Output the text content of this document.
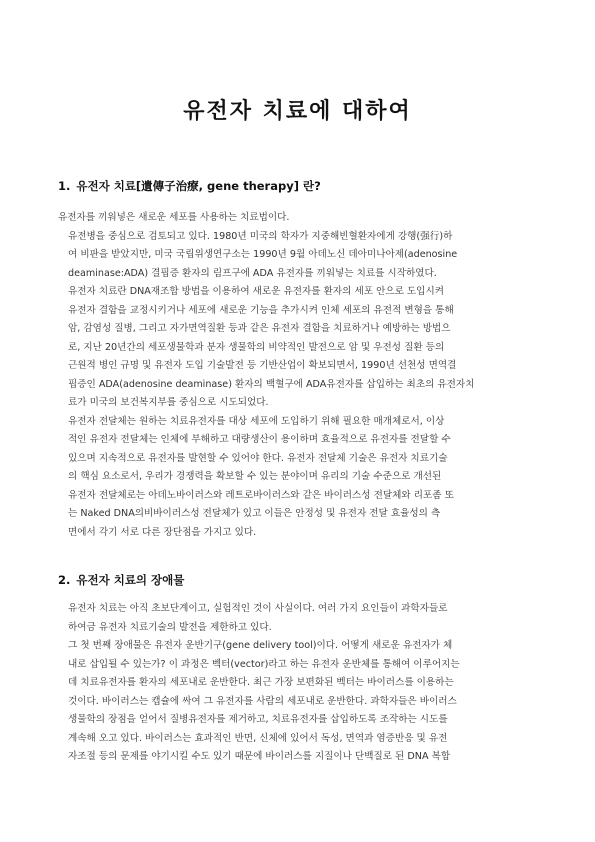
유전자 치료에 대하여
1. 유전자 치료[遺傳子治療, gene therapy] 란?

유전자를 끼워넣은 새로운 세포를 사용하는 치료법이다.

유전병을 중심으로 검토되고 있다. 1980년 미국의 학자가 지중해빈혈환자에게 강행(强行)하
여 비판을 받았지만, 미국 국립위생연구소는 1990년 9월 아데노신 데아미나아제(adenosine
deaminase:ADA) 결핍증 환자의 림프구에 ADA 유전자를 끼워넣는 치료를 시작하였다.

유전자 치료란 DNA재조합 방법을 이용하여 새로운 유전자를 환자의 세포 안으로 도입시켜
유전자 결함을 교정시키거나 세포에 새로운 기능을 추가시켜 인체 세포의 유전적 변형을 통해
암, 감염성 질병, 그리고 자가면역질환 등과 같은 유전자 결함을 치료하거나 예방하는 방법으
로, 지난 20년간의 세포생물학과 분자 생물학의 비약적인 발전으로 암 및 우전성 질환 등의
근원적 병인 규명 및 유전자 도입 기술발전 등 기반산업이 확보되면서, 1990년 선천성 면역결
핍증인 ADA(adenosine deaminase) 환자의 백혈구에 ADA유전자를 삽입하는 최초의 유전자치
료가 미국의 보건복지부를 중심으로 시도되었다.

유전자 전달체는 원하는 치료유전자를 대상 세포에 도입하기 위해 필요한 매개체로서, 이상
적인 유전자 전달체는 인체에 부해하고 대량생산이 용이하며 효율적으로 유전자를 전달할 수
있으며 지속적으로 유전자를 발현할 수 있어야 한다. 유전자 전달체 기술은 유전자 치료기술
의 핵심 요소로서, 우리가 경쟁력을 확보할 수 있는 분야이며 유리의 기술 수준으로 개선된
유전자 전달체로는 아데노바이러스와 레트로바이러스와 같은 바이러스성 전달체와 리포좀 또
는 Naked DNA의비바이러스성 전달체가 있고 이들은 안정성 및 유전자 전달 효율성의 측
면에서 각기 서로 다른 장단점을 가지고 있다.

2. 유전자 치료의 장애물

유전자 치료는 아직 초보단계이고, 실험적인 것이 사실이다. 여러 가지 요인들이 과학자들로
하여금 유전자 치료기술의 발전을 제한하고 있다.

그 첫 번째 장애물은 유전자 운반기구(gene delivery tool)이다. 어떻게 새로운 유전자가 체
내로 삽입될 수 있는가? 이 과정은 벡터(vector)라고 하는 유전자 운반체를 통해여 이루어지는
데 치료유전자를 환자의 세포내로 운반한다. 최근 가장 보편화된 벡터는 바이러스를 이용하는
것이다. 바이러스는 캡슐에 싸여 그 유전자를 사람의 세포내로 운반한다. 과학자들은 바이러스
생물학의 장점을 얻어서 질병유전자를 제거하고, 치료유전자를 삽입하도록 조작하는 시도를
계속해 오고 있다. 바이러스는 효과적인 반면, 신체에 있어서 독성, 면역과 염증반응 및 유전
자조절 등의 문제를 야기시킬 수도 있기 때문에 바이러스를 지질이나 단백질로 된 DNA 복합
